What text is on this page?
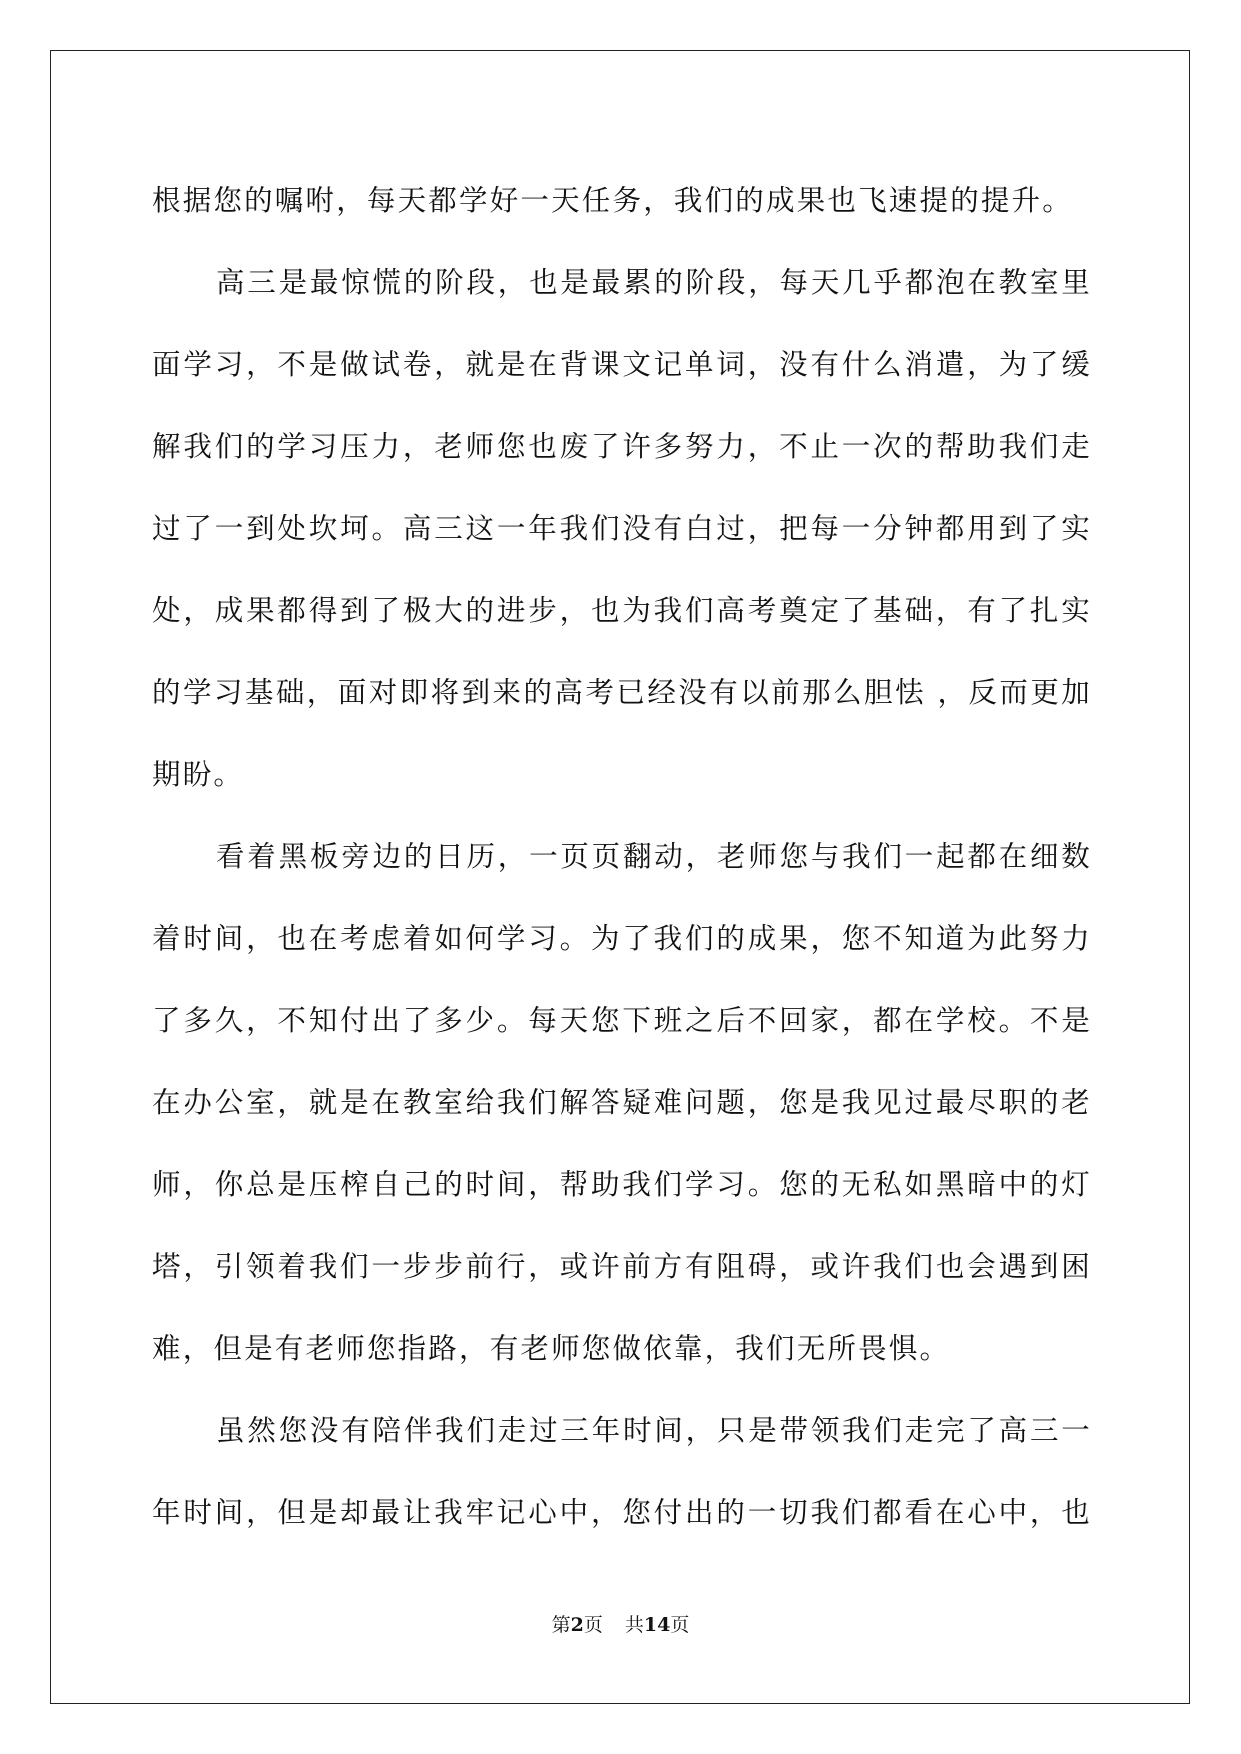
根据您的嘱咐，每天都学好一天任务，我们的成果也飞速提的提升。
高三是最惊慌的阶段，也是最累的阶段，每天几乎都泡在教室里
面学习，不是做试卷，就是在背课文记单词，没有什么消遣，为了缓
解我们的学习压力，老师您也废了许多努力，不止一次的帮助我们走
过了一到处坎坷。高三这一年我们没有白过，把每一分钟都用到了实
处，成果都得到了极大的进步，也为我们高考奠定了基础，有了扎实
的学习基础，面对即将到来的高考已经没有以前那么胆怯 ，反而更加
期盼。
看着黑板旁边的日历，一页页翻动，老师您与我们一起都在细数
着时间，也在考虑着如何学习。为了我们的成果，您不知道为此努力
了多久，不知付出了多少。每天您下班之后不回家，都在学校。不是
在办公室，就是在教室给我们解答疑难问题，您是我见过最尽职的老
师，你总是压榨自己的时间，帮助我们学习。您的无私如黑暗中的灯
塔，引领着我们一步步前行，或许前方有阻碍，或许我们也会遇到困
难，但是有老师您指路，有老师您做依靠，我们无所畏惧。
虽然您没有陪伴我们走过三年时间，只是带领我们走完了高三一
年时间，但是却最让我牢记心中，您付出的一切我们都看在心中，也
第2页 共14页
